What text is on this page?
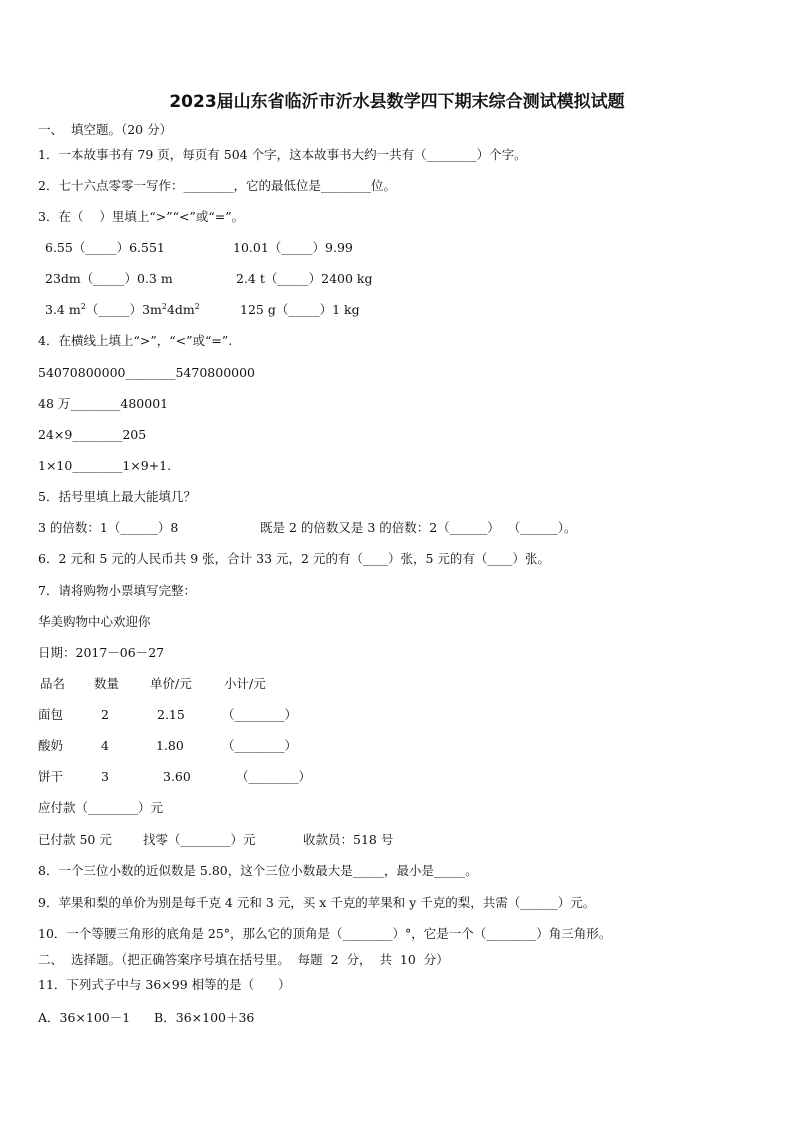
2023届山东省临沂市沂水县数学四下期末综合测试模拟试题
一、  填空题。（20 分）
1．一本故事书有 79 页，每页有 504 个字，这本故事书大约一共有（________）个字。
2．七十六点零零一写作：________，它的最低位是________位。
3．在（    ）里填上“>”“<”或“=”。
6.55（_____）6.551	10.01（_____）9.99
23dm（_____）0.3 m	2.4 t（_____）2400 kg
3.4 $m^2(\_\_\_\_\_)3m^24dm^2$	125 g（_____）1 kg
4．在横线上填上“>”，“<”或“=”.
54070800000________5470800000
48 万________480001
24×9________205
1×10________1×9+1.
5．括号里填上最大能填几？
3 的倍数：1（______）8	既是 2 的倍数又是 3 的倍数：2（______）  （______）。
6．2 元和 5 元的人民币共 9 张，合计 33 元，2 元的有（____）张，5 元的有（____）张。
7．请将购物小票填写完整：
华美购物中心欢迎你
日期：2017－06－27
品名 数量 单价/元	小计/元
面包	2	2.15	（________）
酸奶	4	1.80	（________）
饼干	3	3.60	（________）
应付款（________）元
已付款 50 元 找零（________）元	收款员：518 号
8．一个三位小数的近似数是 5.80，这个三位小数最大是_____，最小是_____。
9．苹果和梨的单价为别是每千克 4 元和 3 元，买 x 千克的苹果和 y 千克的梨，共需（______）元。
10．一个等腰三角形的底角是 25°，那么它的顶角是（________）°，它是一个（________）角三角形。
二、  选择题。（把正确答案序号填在括号里。  每题  2  分，  共  10  分）
11．下列式子中与 36×99 相等的是（      ）
A．36×100－1      B．36×100＋36
